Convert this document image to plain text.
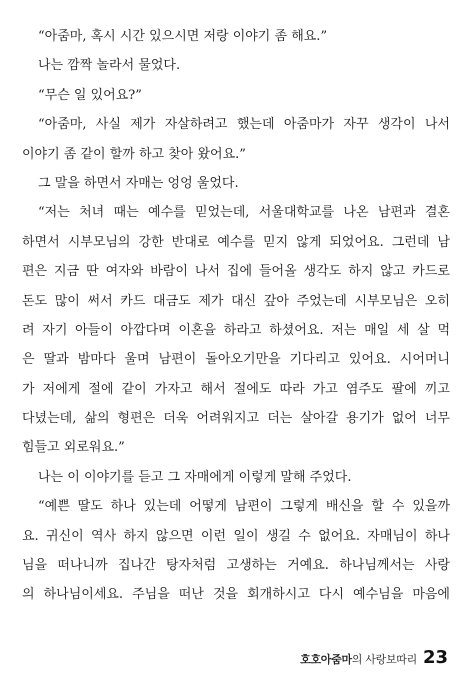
“아줌마, 혹시 시간 있으시면 저랑 이야기 좀 해요.”
나는 깜짝 놀라서 물었다.
“무슨 일 있어요?”
“아줌마, 사실 제가 자살하려고 했는데 아줌마가 자꾸 생각이 나서
이야기 좀 같이 할까 하고 찾아 왔어요.”
그 말을 하면서 자매는 엉엉 울었다.
“저는 처녀 때는 예수를 믿었는데, 서울대학교를 나온 남편과 결혼
하면서 시부모님의 강한 반대로 예수를 믿지 않게 되었어요. 그런데 남
편은 지금 딴 여자와 바람이 나서 집에 들어올 생각도 하지 않고 카드로
돈도 많이 써서 카드 대금도 제가 대신 갚아 주었는데 시부모님은 오히
려 자기 아들이 아깝다며 이혼을 하라고 하셨어요. 저는 매일 세 살 먹
은 딸과 밤마다 울며 남편이 돌아오기만을 기다리고 있어요. 시어머니
가 저에게 절에 같이 가자고 해서 절에도 따라 가고 염주도 팔에 끼고
다녔는데, 삶의 형편은 더욱 어려워지고 더는 살아갈 용기가 없어 너무
힘들고 외로워요.”
나는 이 이야기를 듣고 그 자매에게 이렇게 말해 주었다.
“예쁜 딸도 하나 있는데 어떻게 남편이 그렇게 배신을 할 수 있을까
요. 귀신이 역사 하지 않으면 이런 일이 생길 수 없어요. 자매님이 하나
님을 떠나니까 집나간 탕자처럼 고생하는 거예요. 하나님께서는 사랑
의 하나님이세요. 주님을 떠난 것을 회개하시고 다시 예수님을 마음에
호호아줌마의 사랑보따리 23
